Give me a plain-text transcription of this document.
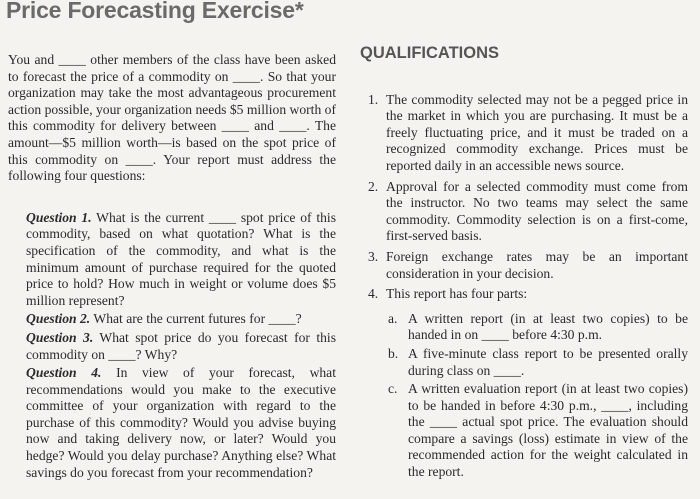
Price Forecasting Exercise*

You and ____ other members of the class have been asked to forecast the price of a commodity on ____. So that your organization may take the most advantageous procurement action possible, your organization needs $5 million worth of this commodity for delivery between ____ and ____. The amount—$5 million worth—is based on the spot price of this commodity on ____. Your report must address the following four questions:

Question 1. What is the current ____ spot price of this commodity, based on what quotation? What is the specification of the commodity, and what is the minimum amount of purchase required for the quoted price to hold? How much in weight or volume does $5 million represent?

Question 2. What are the current futures for ____?

Question 3. What spot price do you forecast for this commodity on ____? Why?

Question 4. In view of your forecast, what recommendations would you make to the executive committee of your organization with regard to the purchase of this commodity? Would you advise buying now and taking delivery now, or later? Would you hedge? Would you delay purchase? Anything else? What savings do you forecast from your recommendation?

QUALIFICATIONS
1. The commodity selected may not be a pegged price in the market in which you are purchasing. It must be a freely fluctuating price, and it must be traded on a recognized commodity exchange. Prices must be reported daily in an accessible news source.
2. Approval for a selected commodity must come from the instructor. No two teams may select the same commodity. Commodity selection is on a first-come, first-served basis.
3. Foreign exchange rates may be an important consideration in your decision.
4. This report has four parts:
a. A written report (in at least two copies) to be handed in on ____ before 4:30 p.m.
b. A five-minute class report to be presented orally during class on ____.
c. A written evaluation report (in at least two copies) to be handed in before 4:30 p.m., ____, including the ____ actual spot price. The evaluation should compare a savings (loss) estimate in view of the recommended action for the weight calculated in the report.
